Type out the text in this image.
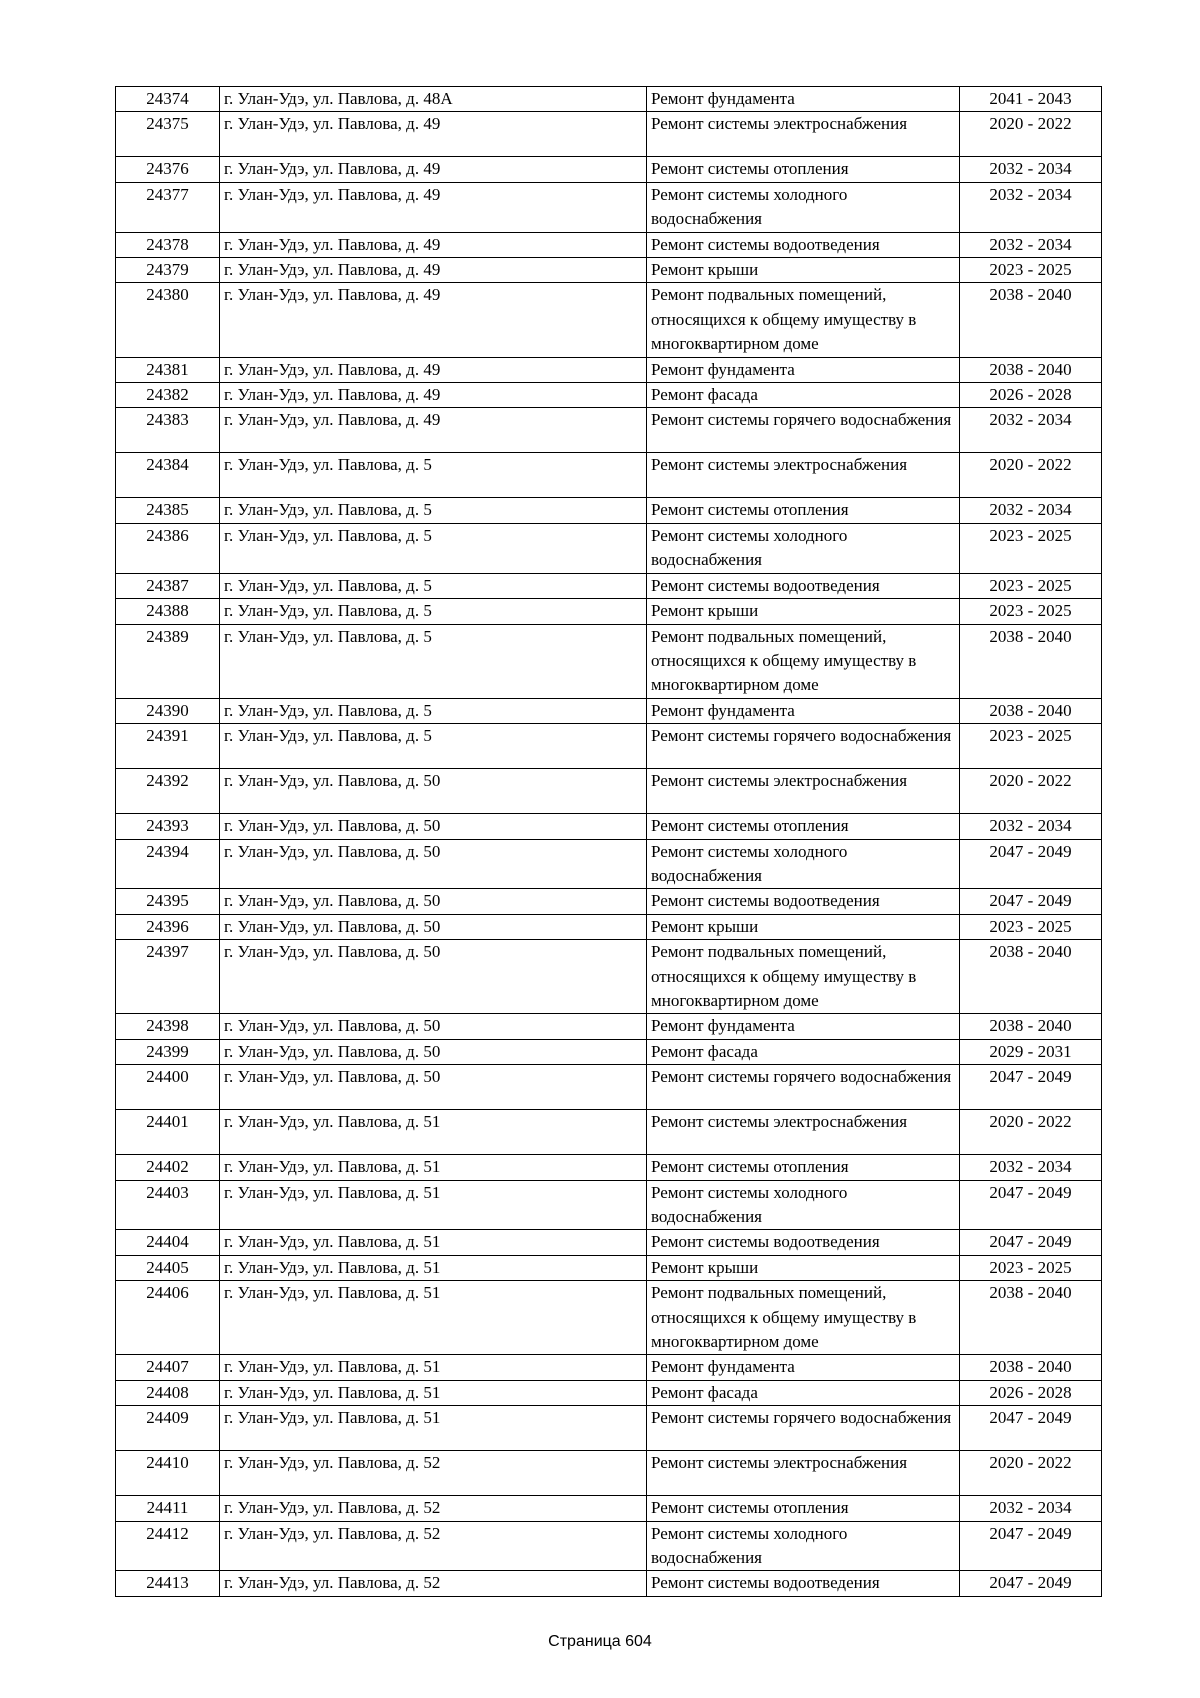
24374	г. Улан-Удэ, ул. Павлова, д. 48А	Ремонт фундамента	2041 - 2043
24375	г. Улан-Удэ, ул. Павлова, д. 49	Ремонт системы электроснабжения	2020 - 2022
24376	г. Улан-Удэ, ул. Павлова, д. 49	Ремонт системы отопления	2032 - 2034
24377	г. Улан-Удэ, ул. Павлова, д. 49	Ремонт системы холодного водоснабжения	2032 - 2034
24378	г. Улан-Удэ, ул. Павлова, д. 49	Ремонт системы водоотведения	2032 - 2034
24379	г. Улан-Удэ, ул. Павлова, д. 49	Ремонт крыши	2023 - 2025
24380	г. Улан-Удэ, ул. Павлова, д. 49	Ремонт подвальных помещений, относящихся к общему имуществу в многоквартирном доме	2038 - 2040
24381	г. Улан-Удэ, ул. Павлова, д. 49	Ремонт фундамента	2038 - 2040
24382	г. Улан-Удэ, ул. Павлова, д. 49	Ремонт фасада	2026 - 2028
24383	г. Улан-Удэ, ул. Павлова, д. 49	Ремонт системы горячего водоснабжения	2032 - 2034
24384	г. Улан-Удэ, ул. Павлова, д. 5	Ремонт системы электроснабжения	2020 - 2022
24385	г. Улан-Удэ, ул. Павлова, д. 5	Ремонт системы отопления	2032 - 2034
24386	г. Улан-Удэ, ул. Павлова, д. 5	Ремонт системы холодного водоснабжения	2023 - 2025
24387	г. Улан-Удэ, ул. Павлова, д. 5	Ремонт системы водоотведения	2023 - 2025
24388	г. Улан-Удэ, ул. Павлова, д. 5	Ремонт крыши	2023 - 2025
24389	г. Улан-Удэ, ул. Павлова, д. 5	Ремонт подвальных помещений, относящихся к общему имуществу в многоквартирном доме	2038 - 2040
24390	г. Улан-Удэ, ул. Павлова, д. 5	Ремонт фундамента	2038 - 2040
24391	г. Улан-Удэ, ул. Павлова, д. 5	Ремонт системы горячего водоснабжения	2023 - 2025
24392	г. Улан-Удэ, ул. Павлова, д. 50	Ремонт системы электроснабжения	2020 - 2022
24393	г. Улан-Удэ, ул. Павлова, д. 50	Ремонт системы отопления	2032 - 2034
24394	г. Улан-Удэ, ул. Павлова, д. 50	Ремонт системы холодного водоснабжения	2047 - 2049
24395	г. Улан-Удэ, ул. Павлова, д. 50	Ремонт системы водоотведения	2047 - 2049
24396	г. Улан-Удэ, ул. Павлова, д. 50	Ремонт крыши	2023 - 2025
24397	г. Улан-Удэ, ул. Павлова, д. 50	Ремонт подвальных помещений, относящихся к общему имуществу в многоквартирном доме	2038 - 2040
24398	г. Улан-Удэ, ул. Павлова, д. 50	Ремонт фундамента	2038 - 2040
24399	г. Улан-Удэ, ул. Павлова, д. 50	Ремонт фасада	2029 - 2031
24400	г. Улан-Удэ, ул. Павлова, д. 50	Ремонт системы горячего водоснабжения	2047 - 2049
24401	г. Улан-Удэ, ул. Павлова, д. 51	Ремонт системы электроснабжения	2020 - 2022
24402	г. Улан-Удэ, ул. Павлова, д. 51	Ремонт системы отопления	2032 - 2034
24403	г. Улан-Удэ, ул. Павлова, д. 51	Ремонт системы холодного водоснабжения	2047 - 2049
24404	г. Улан-Удэ, ул. Павлова, д. 51	Ремонт системы водоотведения	2047 - 2049
24405	г. Улан-Удэ, ул. Павлова, д. 51	Ремонт крыши	2023 - 2025
24406	г. Улан-Удэ, ул. Павлова, д. 51	Ремонт подвальных помещений, относящихся к общему имуществу в многоквартирном доме	2038 - 2040
24407	г. Улан-Удэ, ул. Павлова, д. 51	Ремонт фундамента	2038 - 2040
24408	г. Улан-Удэ, ул. Павлова, д. 51	Ремонт фасада	2026 - 2028
24409	г. Улан-Удэ, ул. Павлова, д. 51	Ремонт системы горячего водоснабжения	2047 - 2049
24410	г. Улан-Удэ, ул. Павлова, д. 52	Ремонт системы электроснабжения	2020 - 2022
24411	г. Улан-Удэ, ул. Павлова, д. 52	Ремонт системы отопления	2032 - 2034
24412	г. Улан-Удэ, ул. Павлова, д. 52	Ремонт системы холодного водоснабжения	2047 - 2049
24413	г. Улан-Удэ, ул. Павлова, д. 52	Ремонт системы водоотведения	2047 - 2049
Страница 604
